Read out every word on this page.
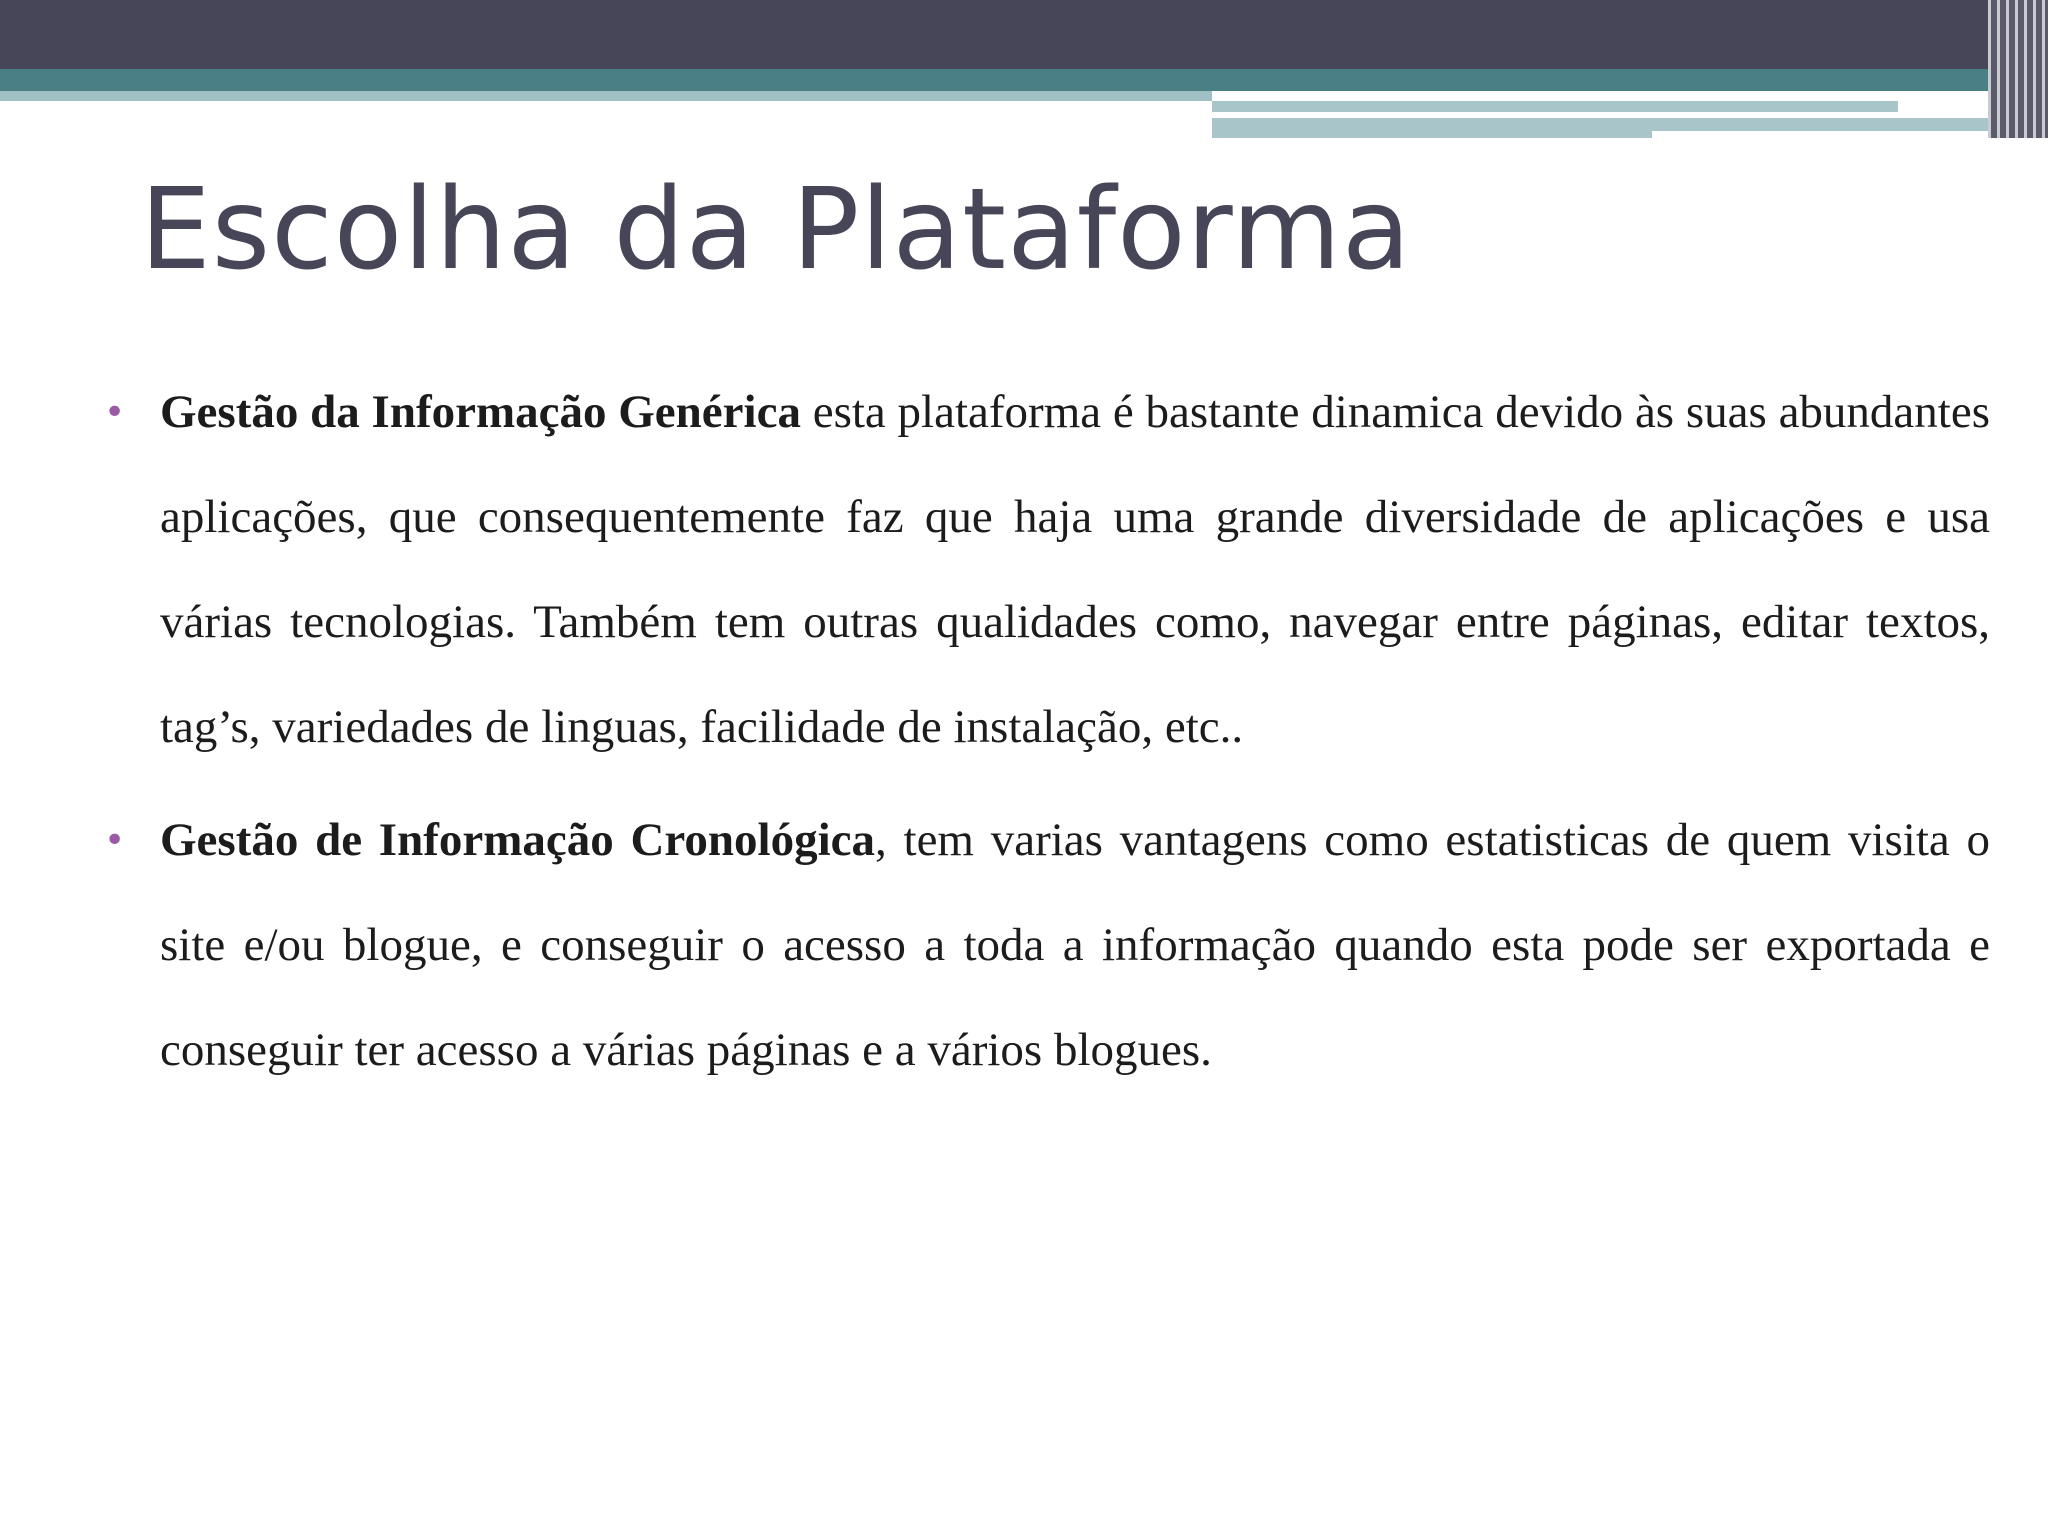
Escolha da Plataforma
• Gestão da Informação Genérica esta plataforma é bastante dinamica devido às suas abundantes aplicações, que consequentemente faz que haja uma grande diversidade de aplicações e usa várias tecnologias. Também tem outras qualidades como, navegar entre páginas, editar textos, tag’s, variedades de linguas, facilidade de instalação, etc..
• Gestão de Informação Cronológica, tem varias vantagens como estatisticas de quem visita o site e/ou blogue, e conseguir o acesso a toda a informação quando esta pode ser exportada e conseguir ter acesso a várias páginas e a vários blogues.
